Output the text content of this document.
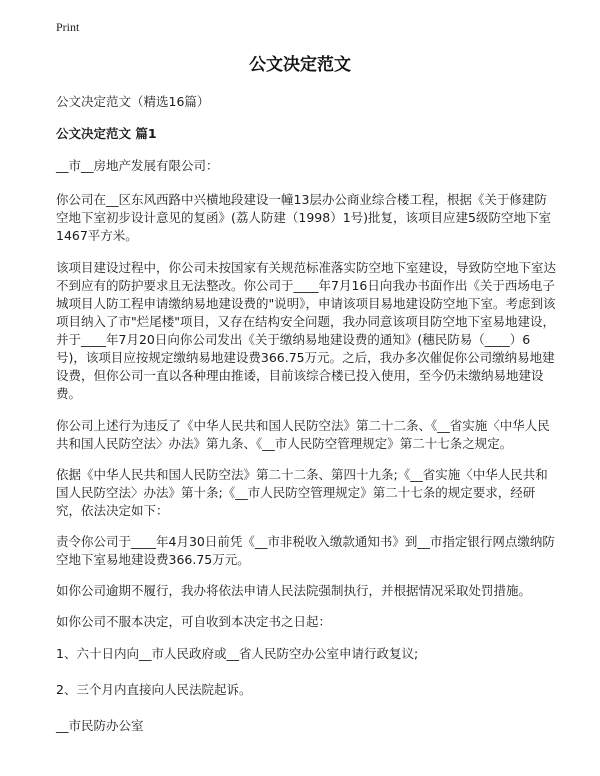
Print
公文决定范文

公文决定范文（精选16篇）

公文决定范文 篇1

__市__房地产发展有限公司：

你公司在__区东风西路中兴横地段建设一幢13层办公商业综合楼工程，根据《关于修建防空地下室初步设计意见的复函》(荔人防建（1998）1号)批复，该项目应建5级防空地下室1467平方米。

该项目建设过程中，你公司未按国家有关规范标准落实防空地下室建设，导致防空地下室达不到应有的防护要求且无法整改。你公司于____年7月16日向我办书面作出《关于西场电子城项目人防工程申请缴纳易地建设费的"说明》，申请该项目易地建设防空地下室。考虑到该项目纳入了市"烂尾楼"项目，又存在结构安全问题，我办同意该项目防空地下室易地建设，并于____年7月20日向你公司发出《关于缴纳易地建设费的通知》(穗民防易（____）6号)，该项目应按规定缴纳易地建设费366.75万元。之后，我办多次催促你公司缴纳易地建设费，但你公司一直以各种理由推诿，目前该综合楼已投入使用，至今仍未缴纳易地建设费。

你公司上述行为违反了《中华人民共和国人民防空法》第二十二条、《__省实施〈中华人民共和国人民防空法〉办法》第九条、《__市人民防空管理规定》第二十七条之规定。

依据《中华人民共和国人民防空法》第二十二条、第四十九条;《__省实施〈中华人民共和国人民防空法〉办法》第十条;《__市人民防空管理规定》第二十七条的规定要求，经研究，依法决定如下：

责令你公司于____年4月30日前凭《__市非税收入缴款通知书》到__市指定银行网点缴纳防空地下室易地建设费366.75万元。

如你公司逾期不履行，我办将依法申请人民法院强制执行，并根据情况采取处罚措施。

如你公司不服本决定，可自收到本决定书之日起：

1、六十日内向__市人民政府或__省人民防空办公室申请行政复议;

2、三个月内直接向人民法院起诉。

__市民防办公室
